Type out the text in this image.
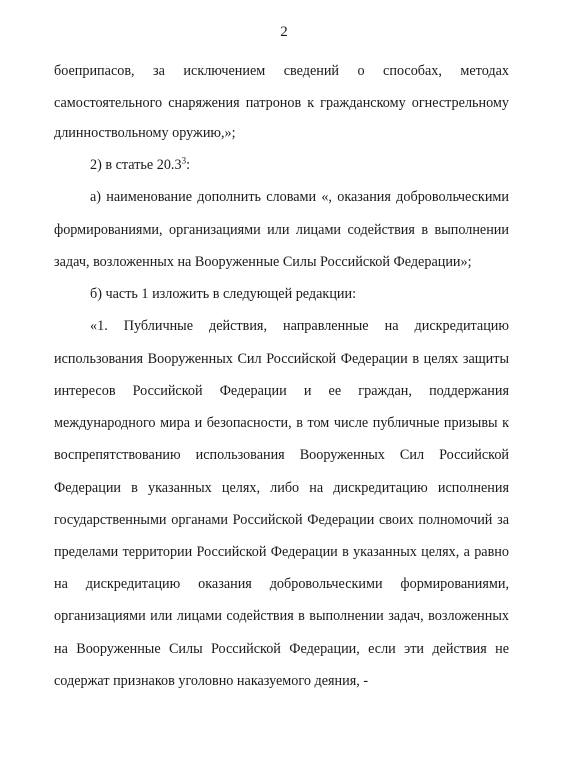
2
боеприпасов, за исключением сведений о способах, методах
самостоятельного снаряжения патронов к гражданскому огнестрельному
длинноствольному оружию,»;
2) в статье 20.3$^3$:
а) наименование дополнить словами «, оказания добровольческими
формированиями, организациями или лицами содействия в выполнении
задач, возложенных на Вооруженные Силы Российской Федерации»;
б) часть 1 изложить в следующей редакции:
«1. Публичные действия, направленные на дискредитацию
использования Вооруженных Сил Российской Федерации в целях защиты
интересов Российской Федерации и ее граждан, поддержания
международного мира и безопасности, в том числе публичные призывы к
воспрепятствованию использования Вооруженных Сил Российской
Федерации в указанных целях, либо на дискредитацию исполнения
государственными органами Российской Федерации своих полномочий за
пределами территории Российской Федерации в указанных целях, а равно
на дискредитацию оказания добровольческими формированиями,
организациями или лицами содействия в выполнении задач, возложенных
на Вооруженные Силы Российской Федерации, если эти действия не
содержат признаков уголовно наказуемого деяния, -
